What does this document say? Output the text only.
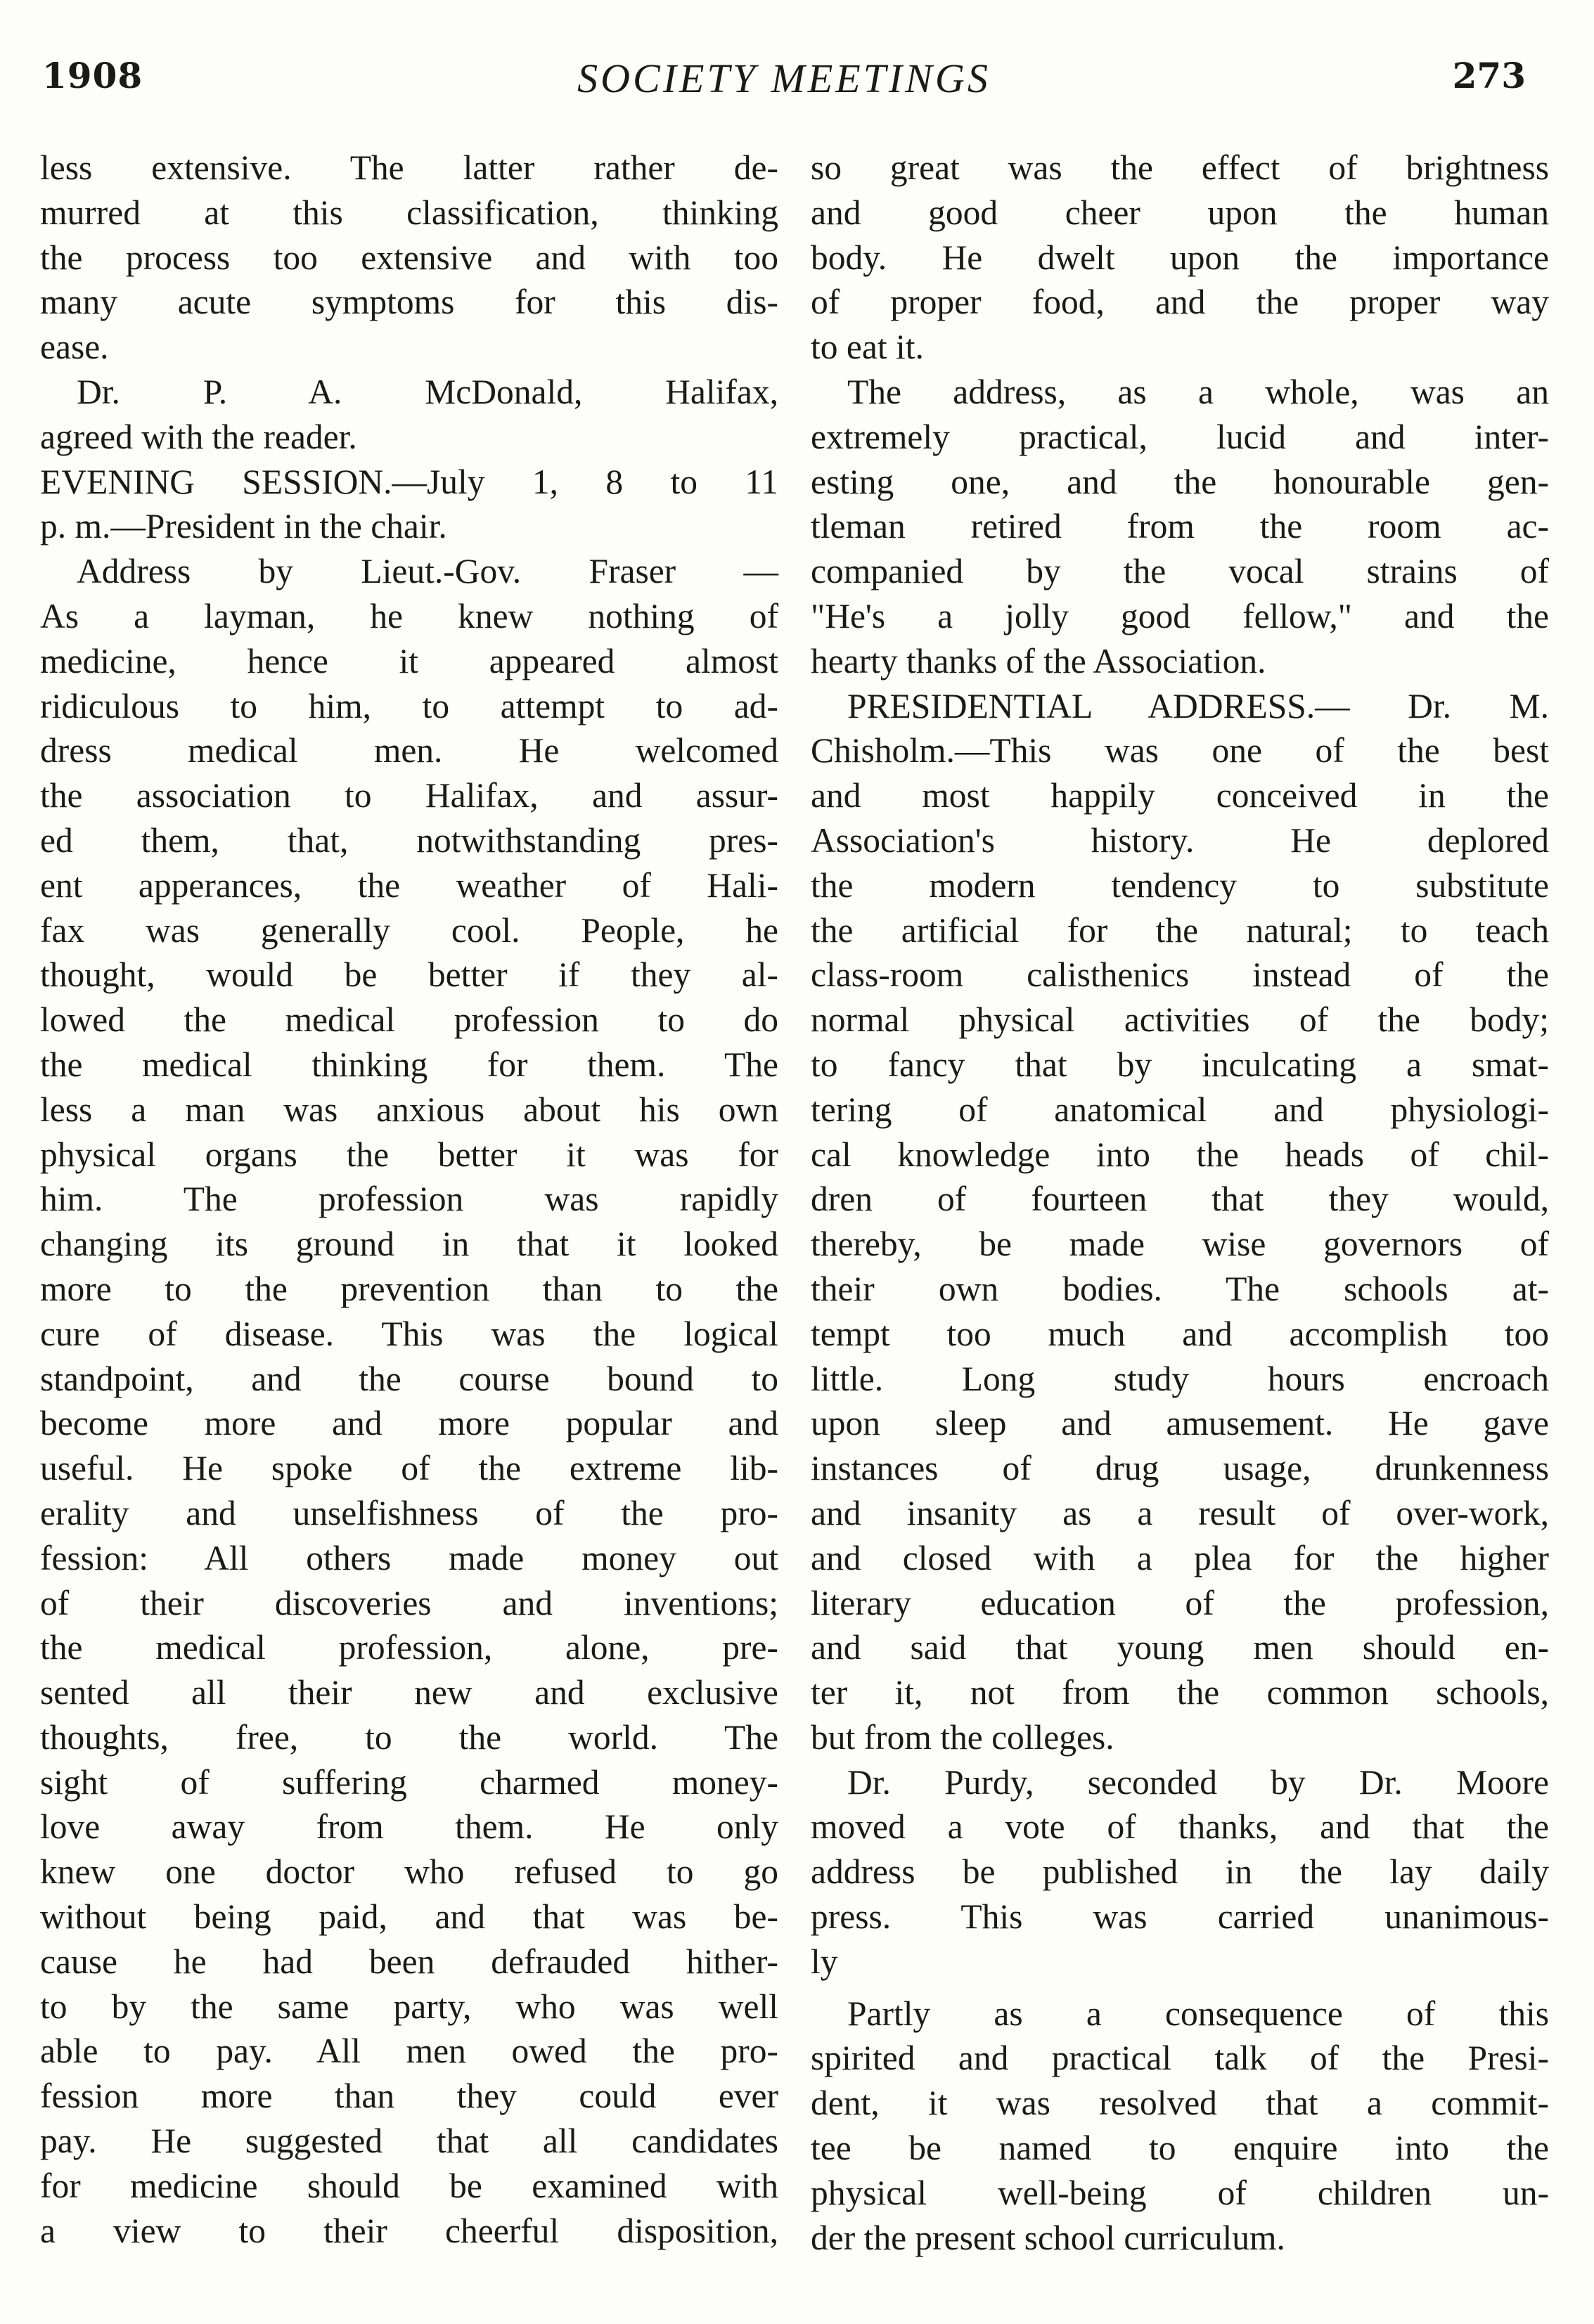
1908	SOCIETY MEETINGS	273
less extensive. The latter rather de-
murred at this classification, thinking
the process too extensive and with too
many acute symptoms for this dis-
ease.
Dr. P. A. McDonald, Halifax,
agreed with the reader.
EVENING SESSION.—July 1, 8 to 11
p. m.—President in the chair.
Address by Lieut.-Gov. Fraser —
As a layman, he knew nothing of
medicine, hence it appeared almost
ridiculous to him, to attempt to ad-
dress medical men. He welcomed
the association to Halifax, and assur-
ed them, that, notwithstanding pres-
ent apperances, the weather of Hali-
fax was generally cool. People, he
thought, would be better if they al-
lowed the medical profession to do
the medical thinking for them. The
less a man was anxious about his own
physical organs the better it was for
him. The profession was rapidly
changing its ground in that it looked
more to the prevention than to the
cure of disease. This was the logical
standpoint, and the course bound to
become more and more popular and
useful. He spoke of the extreme lib-
erality and unselfishness of the pro-
fession: All others made money out
of their discoveries and inventions;
the medical profession, alone, pre-
sented all their new and exclusive
thoughts, free, to the world. The
sight of suffering charmed money-
love away from them. He only
knew one doctor who refused to go
without being paid, and that was be-
cause he had been defrauded hither-
to by the same party, who was well
able to pay. All men owed the pro-
fession more than they could ever
pay. He suggested that all candidates
for medicine should be examined with
a view to their cheerful disposition,
so great was the effect of brightness
and good cheer upon the human
body. He dwelt upon the importance
of proper food, and the proper way
to eat it.
The address, as a whole, was an
extremely practical, lucid and inter-
esting one, and the honourable gen-
tleman retired from the room ac-
companied by the vocal strains of
"He's a jolly good fellow," and the
hearty thanks of the Association.
PRESIDENTIAL ADDRESS.— Dr. M.
Chisholm.—This was one of the best
and most happily conceived in the
Association's history. He deplored
the modern tendency to substitute
the artificial for the natural; to teach
class-room calisthenics instead of the
normal physical activities of the body;
to fancy that by inculcating a smat-
tering of anatomical and physiologi-
cal knowledge into the heads of chil-
dren of fourteen that they would,
thereby, be made wise governors of
their own bodies. The schools at-
tempt too much and accomplish too
little. Long study hours encroach
upon sleep and amusement. He gave
instances of drug usage, drunkenness
and insanity as a result of over-work,
and closed with a plea for the higher
literary education of the profession,
and said that young men should en-
ter it, not from the common schools,
but from the colleges.
Dr. Purdy, seconded by Dr. Moore
moved a vote of thanks, and that the
address be published in the lay daily
press. This was carried unanimous-
ly
Partly as a consequence of this
spirited and practical talk of the Presi-
dent, it was resolved that a commit-
tee be named to enquire into the
physical well-being of children un-
der the present school curriculum.
